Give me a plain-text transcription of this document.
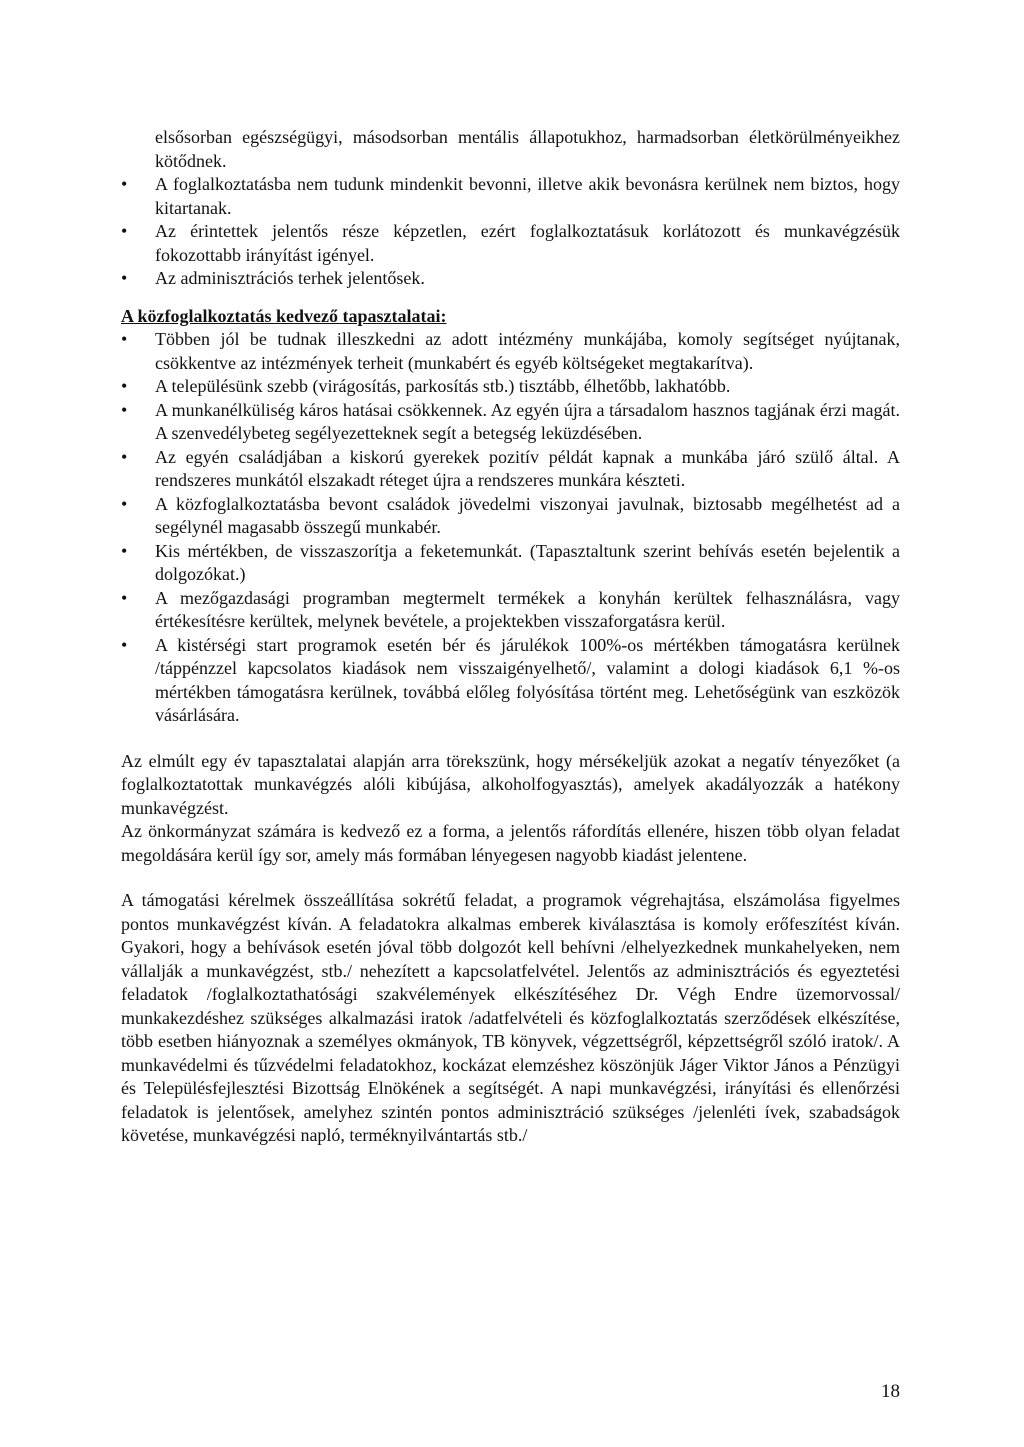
elsősorban egészségügyi, másodsorban mentális állapotukhoz, harmadsorban életkörülményeikhez kötődnek.

• A foglalkoztatásba nem tudunk mindenkit bevonni, illetve akik bevonásra kerülnek nem biztos, hogy kitartanak.
• Az érintettek jelentős része képzetlen, ezért foglalkoztatásuk korlátozott és munkavégzésük fokozottabb irányítást igényel.
• Az adminisztrációs terhek jelentősek.

A közfoglalkoztatás kedvező tapasztalatai:

• Többen jól be tudnak illeszkedni az adott intézmény munkájába, komoly segítséget nyújtanak, csökkentve az intézmények terheit (munkabért és egyéb költségeket megtakarítva).
• A településünk szebb (virágosítás, parkosítás stb.) tisztább, élhetőbb, lakhatóbb.
• A munkanélküliség káros hatásai csökkennek. Az egyén újra a társadalom hasznos tagjának érzi magát. A szenvedélybeteg segélyezetteknek segít a betegség leküzdésében.
• Az egyén családjában a kiskorú gyerekek pozitív példát kapnak a munkába járó szülő által. A rendszeres munkától elszakadt réteget újra a rendszeres munkára készteti.
• A közfoglalkoztatásba bevont családok jövedelmi viszonyai javulnak, biztosabb megélhetést ad a segélynél magasabb összegű munkabér.
• Kis mértékben, de visszaszorítja a feketemunkát. (Tapasztaltunk szerint behívás esetén bejelentik a dolgozókat.)
• A mezőgazdasági programban megtermelt termékek a konyhán kerültek felhasználásra, vagy értékesítésre kerültek, melynek bevétele, a projektekben visszaforgatásra kerül.
• A kistérségi start programok esetén bér és járulékok 100%-os mértékben támogatásra kerülnek /táppénzzel kapcsolatos kiadások nem visszaigényelhető/, valamint a dologi kiadások 6,1 %-os mértékben támogatásra kerülnek, továbbá előleg folyósítása történt meg. Lehetőségünk van eszközök vásárlására.

Az elmúlt egy év tapasztalatai alapján arra törekszünk, hogy mérsékeljük azokat a negatív tényezőket (a foglalkoztatottak munkavégzés alóli kibújása, alkoholfogyasztás), amelyek akadályozzák a hatékony munkavégzést.

Az önkormányzat számára is kedvező ez a forma, a jelentős ráfordítás ellenére, hiszen több olyan feladat megoldására kerül így sor, amely más formában lényegesen nagyobb kiadást jelentene.

A támogatási kérelmek összeállítása sokrétű feladat, a programok végrehajtása, elszámolása figyelmes pontos munkavégzést kíván. A feladatokra alkalmas emberek kiválasztása is komoly erőfeszítést kíván. Gyakori, hogy a behívások esetén jóval több dolgozót kell behívni /elhelyezkednek munkahelyeken, nem vállalják a munkavégzést, stb./ nehezített a kapcsolatfelvétel. Jelentős az adminisztrációs és egyeztetési feladatok /foglalkoztathatósági szakvélemények elkészítéséhez Dr. Végh Endre üzemorvossal/ munkakezdéshez szükséges alkalmazási iratok /adatfelvételi és közfoglalkoztatás szerződések elkészítése, több esetben hiányoznak a személyes okmányok, TB könyvek, végzettségről, képzettségről szóló iratok/. A munkavédelmi és tűzvédelmi feladatokhoz, kockázat elemzéshez köszönjük Jáger Viktor János a Pénzügyi és Településfejlesztési Bizottság Elnökének a segítségét. A napi munkavégzési, irányítási és ellenőrzési feladatok is jelentősek, amelyhez szintén pontos adminisztráció szükséges /jelenléti ívek, szabadságok követése, munkavégzési napló, terméknyilvántartás stb./

18
